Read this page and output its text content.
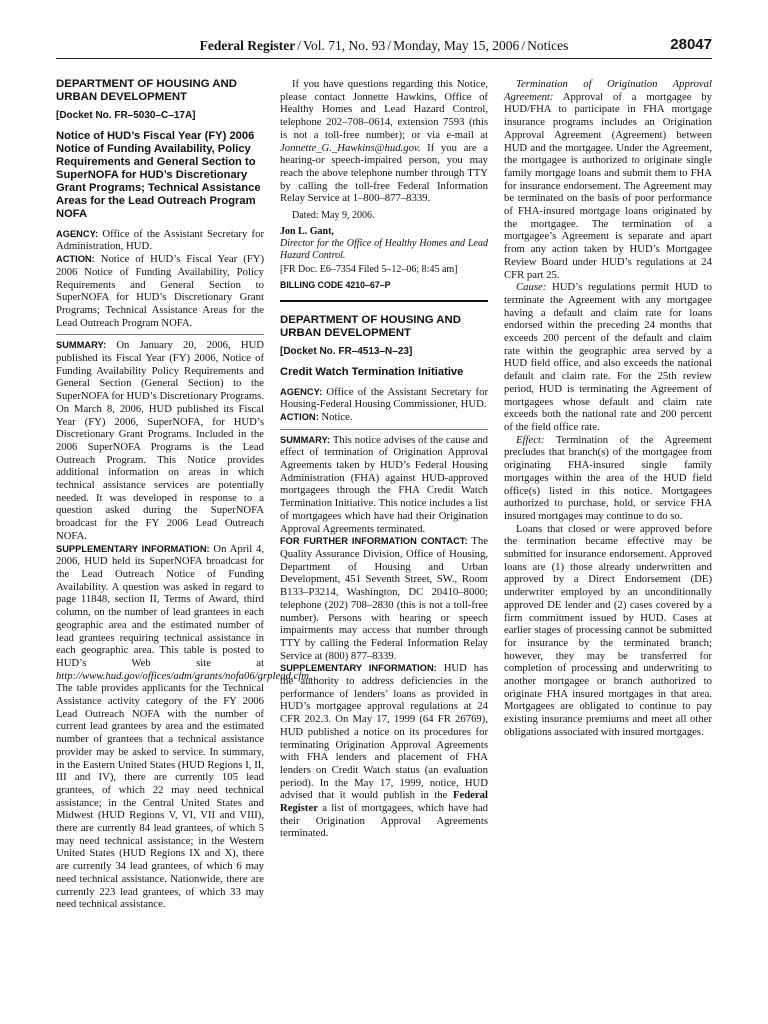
Federal Register / Vol. 71, No. 93 / Monday, May 15, 2006 / Notices	28047
DEPARTMENT OF HOUSING AND URBAN DEVELOPMENT
[Docket No. FR–5030–C–17A]
Notice of HUD’s Fiscal Year (FY) 2006 Notice of Funding Availability, Policy Requirements and General Section to SuperNOFA for HUD’s Discretionary Grant Programs; Technical Assistance Areas for the Lead Outreach Program NOFA

AGENCY: Office of the Assistant Secretary for Administration, HUD.

ACTION: Notice of HUD’s Fiscal Year (FY) 2006 Notice of Funding Availability, Policy Requirements and General Section to SuperNOFA for HUD’s Discretionary Grant Programs; Technical Assistance Areas for the Lead Outreach Program NOFA.

SUMMARY: On January 20, 2006, HUD published its Fiscal Year (FY) 2006, Notice of Funding Availability Policy Requirements and General Section (General Section) to the SuperNOFA for HUD’s Discretionary Programs. On March 8, 2006, HUD published its Fiscal Year (FY) 2006, SuperNOFA, for HUD’s Discretionary Grant Programs. Included in the 2006 SuperNOFA Programs is the Lead Outreach Program. This Notice provides additional information on areas in which technical assistance services are potentially needed. It was developed in response to a question asked during the SuperNOFA broadcast for the FY 2006 Lead Outreach NOFA.

SUPPLEMENTARY INFORMATION: On April 4, 2006, HUD held its SuperNOFA broadcast for the Lead Outreach Notice of Funding Availability. A question was asked in regard to page 11848, section II, Terms of Award, third column, on the number of lead grantees in each geographic area and the estimated number of lead grantees requiring technical assistance in each geographic area. This table is posted to HUD’s Web site at http://www.hud.gov/offices/adm/grants/nofa06/grplead.cfm. The table provides applicants for the Technical Assistance activity category of the FY 2006 Lead Outreach NOFA with the number of current lead grantees by area and the estimated number of grantees that a technical assistance provider may be asked to service. In summary, in the Eastern United States (HUD Regions I, II, III and IV), there are currently 105 lead grantees, of which 22 may need technical assistance; in the Central United States and Midwest (HUD Regions V, VI, VII and VIII), there are currently 84 lead grantees, of which 5 may need technical assistance; in the Western United States (HUD Regions IX and X), there are currently 34 lead grantees, of which 6 may need technical assistance. Nationwide, there are currently 223 lead grantees, of which 33 may need technical assistance.

If you have questions regarding this Notice, please contact Jonnette Hawkins, Office of Healthy Homes and Lead Hazard Control, telephone 202–708–0614, extension 7593 (this is not a toll-free number); or via e-mail at Jonnette_G._Hawkins@hud.gov. If you are a hearing-or speech-impaired person, you may reach the above telephone number through TTY by calling the toll-free Federal Information Relay Service at 1–800–877–8339.

Dated: May 9, 2006.

Jon L. Gant,

Director for the Office of Healthy Homes and Lead Hazard Control.

[FR Doc. E6–7354 Filed 5–12–06; 8:45 am]

BILLING CODE 4210–67–P

DEPARTMENT OF HOUSING AND URBAN DEVELOPMENT
[Docket No. FR–4513–N–23]
Credit Watch Termination Initiative

AGENCY: Office of the Assistant Secretary for Housing-Federal Housing Commissioner, HUD.

ACTION: Notice.

SUMMARY: This notice advises of the cause and effect of termination of Origination Approval Agreements taken by HUD’s Federal Housing Administration (FHA) against HUD-approved mortgagees through the FHA Credit Watch Termination Initiative. This notice includes a list of mortgagees which have had their Origination Approval Agreements terminated.

FOR FURTHER INFORMATION CONTACT: The Quality Assurance Division, Office of Housing, Department of Housing and Urban Development, 451 Seventh Street, SW., Room B133–P3214, Washington, DC 20410–8000; telephone (202) 708–2830 (this is not a toll-free number). Persons with hearing or speech impairments may access that number through TTY by calling the Federal Information Relay Service at (800) 877–8339.

SUPPLEMENTARY INFORMATION: HUD has the authority to address deficiencies in the performance of lenders’ loans as provided in HUD’s mortgagee approval regulations at 24 CFR 202.3. On May 17, 1999 (64 FR 26769), HUD published a notice on its procedures for terminating Origination Approval Agreements with FHA lenders and placement of FHA lenders on Credit Watch status (an evaluation period). In the May 17, 1999, notice, HUD advised that it would publish in the Federal Register a list of mortgagees, which have had their Origination Approval Agreements terminated.

Termination of Origination Approval Agreement: Approval of a mortgagee by HUD/FHA to participate in FHA mortgage insurance programs includes an Origination Approval Agreement (Agreement) between HUD and the mortgagee. Under the Agreement, the mortgagee is authorized to originate single family mortgage loans and submit them to FHA for insurance endorsement. The Agreement may be terminated on the basis of poor performance of FHA-insured mortgage loans originated by the mortgagee. The termination of a mortgagee’s Agreement is separate and apart from any action taken by HUD’s Mortgagee Review Board under HUD’s regulations at 24 CFR part 25.

Cause: HUD’s regulations permit HUD to terminate the Agreement with any mortgagee having a default and claim rate for loans endorsed within the preceding 24 months that exceeds 200 percent of the default and claim rate within the geographic area served by a HUD field office, and also exceeds the national default and claim rate. For the 25th review period, HUD is terminating the Agreement of mortgagees whose default and claim rate exceeds both the national rate and 200 percent of the field office rate.

Effect: Termination of the Agreement precludes that branch(s) of the mortgagee from originating FHA-insured single family mortgages within the area of the HUD field office(s) listed in this notice. Mortgagees authorized to purchase, hold, or service FHA insured mortgages may continue to do so.

Loans that closed or were approved before the termination became effective may be submitted for insurance endorsement. Approved loans are (1) those already underwritten and approved by a Direct Endorsement (DE) underwriter employed by an unconditionally approved DE lender and (2) cases covered by a firm commitment issued by HUD. Cases at earlier stages of processing cannot be submitted for insurance by the terminated branch; however, they may be transferred for completion of processing and underwriting to another mortgagee or branch authorized to originate FHA insured mortgages in that area. Mortgagees are obligated to continue to pay existing insurance premiums and meet all other obligations associated with insured mortgages.
